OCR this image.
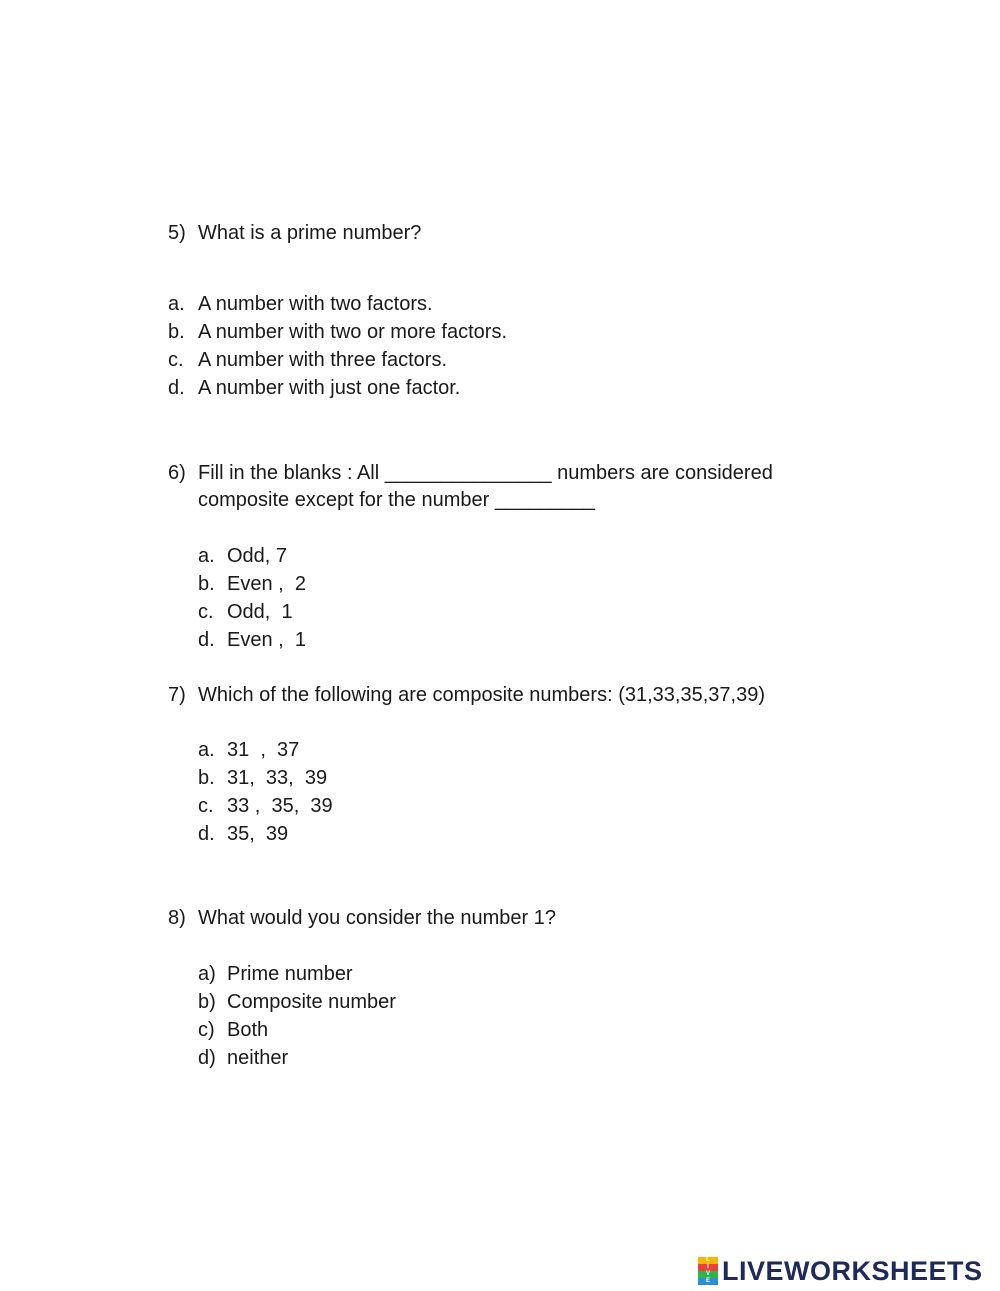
5) What is a prime number?
a. A number with two factors.
b. A number with two or more factors.
c. A number with three factors.
d. A number with just one factor.
6) Fill in the blanks : All _______________ numbers are considered
composite except for the number _________
a. Odd, 7
b. Even ,  2
c. Odd,  1
d. Even ,  1
7) Which of the following are composite numbers: (31,33,35,37,39)
a. 31  ,  37
b. 31,  33,  39
c. 33 ,  35,  39
d. 35,  39
8) What would you consider the number 1?
a) Prime number
b) Composite number
c) Both
d) neither
L
I
V
E LIVEWORKSHEETS
